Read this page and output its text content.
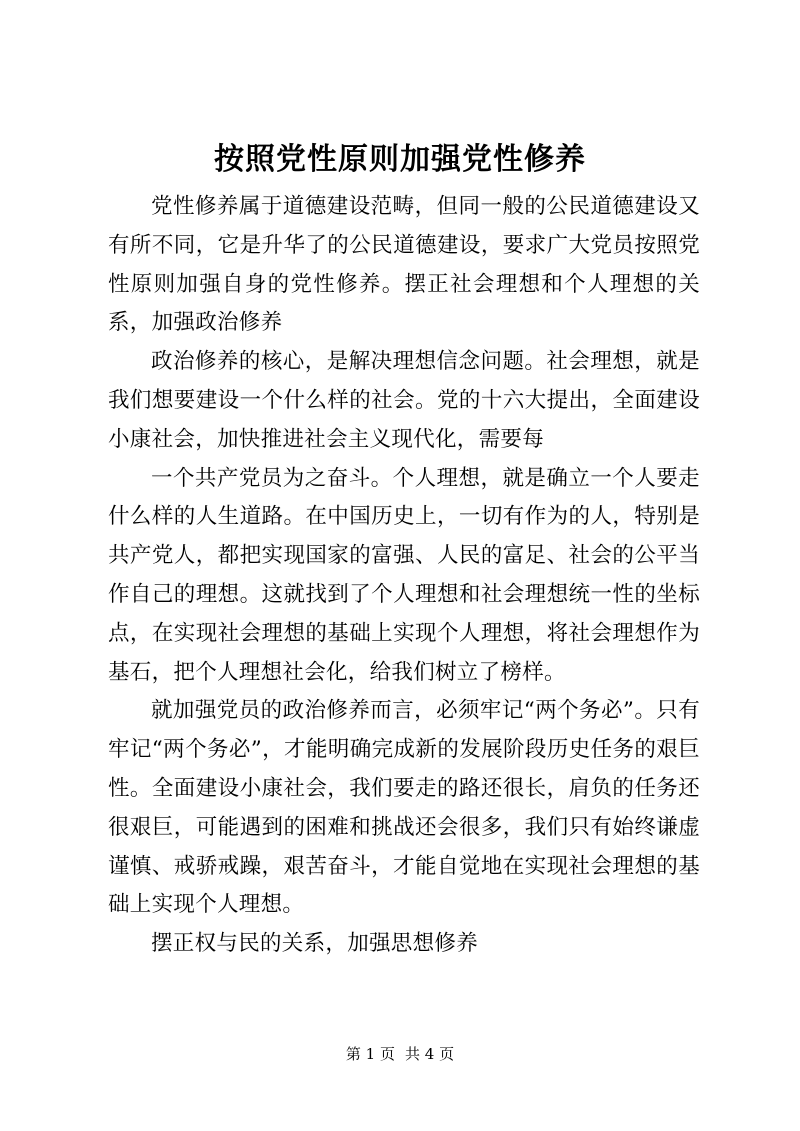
按照党性原则加强党性修养

党性修养属于道德建设范畴，但同一般的公民道德建设又有所不同，它是升华了的公民道德建设，要求广大党员按照党性原则加强自身的党性修养。摆正社会理想和个人理想的关系，加强政治修养

政治修养的核心，是解决理想信念问题。社会理想，就是我们想要建设一个什么样的社会。党的十六大提出，全面建设小康社会，加快推进社会主义现代化，需要每

一个共产党员为之奋斗。个人理想，就是确立一个人要走什么样的人生道路。在中国历史上，一切有作为的人，特别是共产党人，都把实现国家的富强、人民的富足、社会的公平当作自己的理想。这就找到了个人理想和社会理想统一性的坐标点，在实现社会理想的基础上实现个人理想，将社会理想作为基石，把个人理想社会化，给我们树立了榜样。

就加强党员的政治修养而言，必须牢记“两个务必”。只有牢记“两个务必”，才能明确完成新的发展阶段历史任务的艰巨性。全面建设小康社会，我们要走的路还很长，肩负的任务还很艰巨，可能遇到的困难和挑战还会很多，我们只有始终谦虚谨慎、戒骄戒躁，艰苦奋斗，才能自觉地在实现社会理想的基础上实现个人理想。

摆正权与民的关系，加强思想修养

第 1 页 共 4 页
